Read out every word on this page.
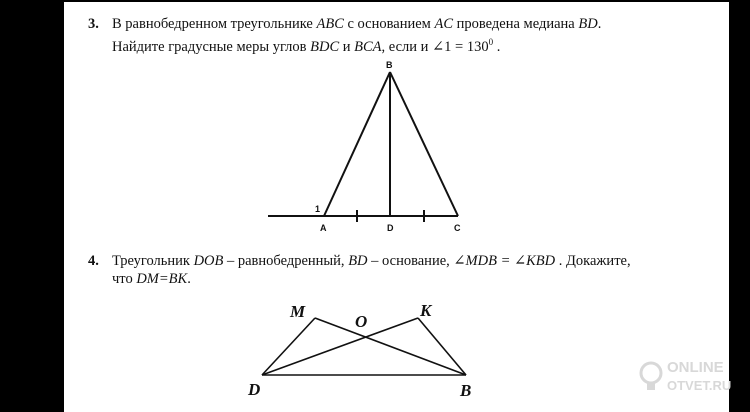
3. В равнобедренном треугольнике ABC с основанием AC проведена медиана BD.
Найдите градусные меры углов BDC и BCA, если и ∠1 = $130^0$ .
4. Треугольник DOB – равнобедренный, BD – основание, ∠MDB = ∠KBD . Докажите,
что DM=BK.
B
1
A	D	C
M
O
K
D	B
ONLINE
OTVET.RU
